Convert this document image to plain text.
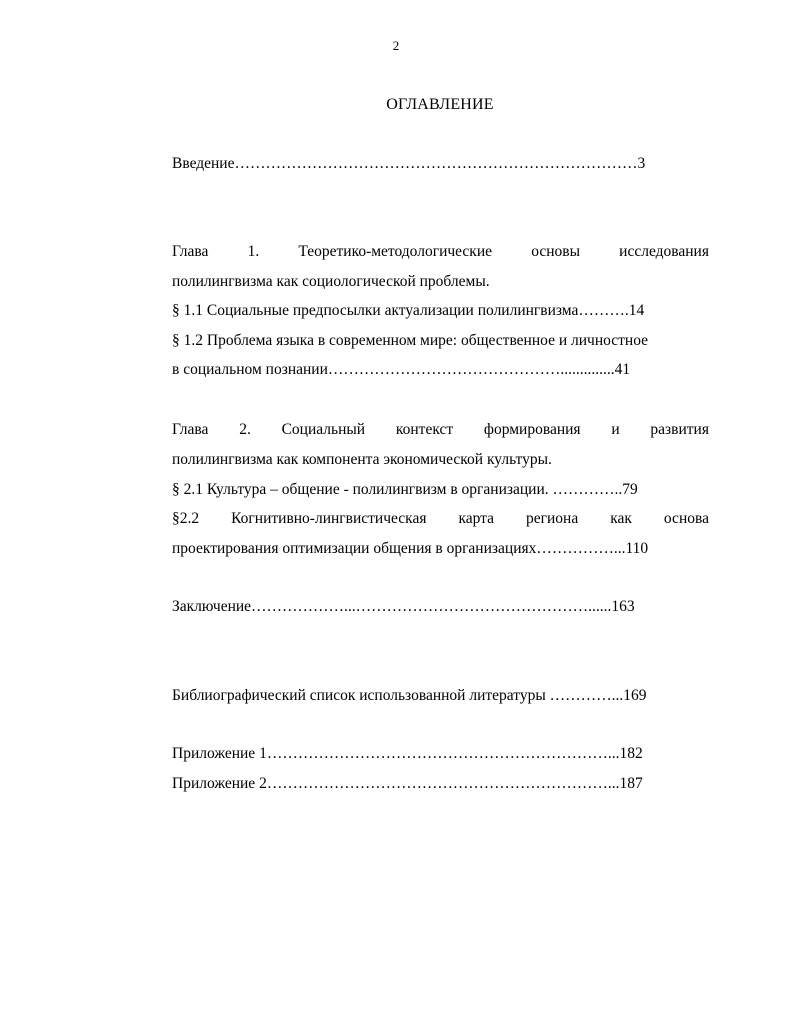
2
ОГЛАВЛЕНИЕ
Введение……………………………………………………………………3
Глава	1.	Теоретико-методологические	основы	исследования
полилингвизма как социологической проблемы.
§ 1.1 Социальные предпосылки актуализации полилингвизма……….14
§ 1.2 Проблема языка в современном мире: общественное и личностное
в социальном познании………………………………………..............41
Глава 2. Социальный контекст формирования и развития
полилингвизма как компонента экономической культуры.
§ 2.1 Культура – общение - полилингвизм в организации. …………..79
§2.2 Когнитивно-лингвистическая карта региона как основа
проектирования оптимизации общения в организациях……………...110
Заключение………………...………………………………………......163
Библиографический список использованной литературы …………...169
Приложение 1…………………………………………………………...182
Приложение 2…………………………………………………………...187
